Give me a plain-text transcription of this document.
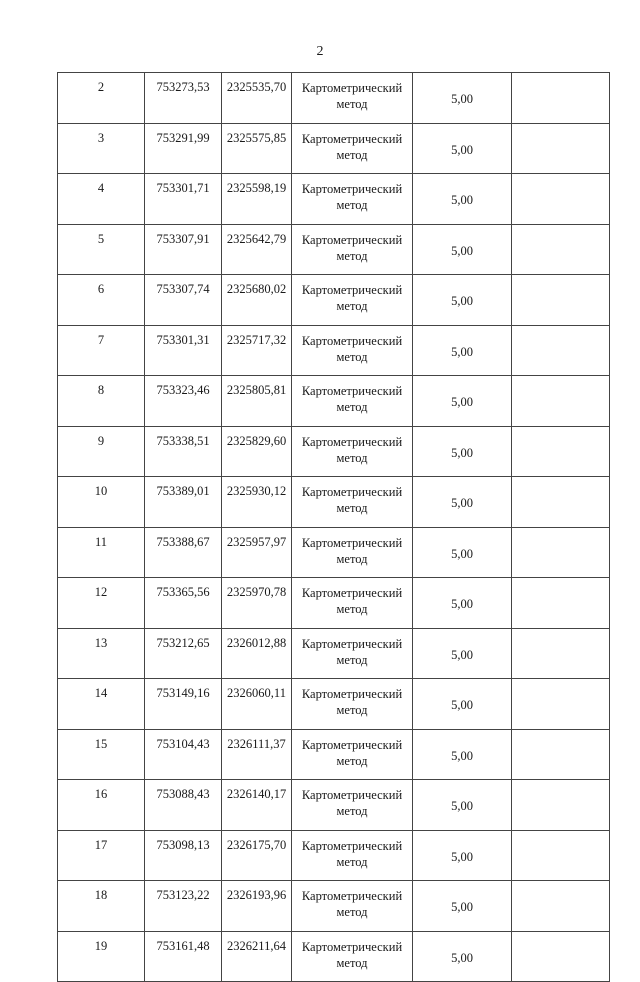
2
2	753273,53	2325535,70	Картометрический
метод	5,00	
3	753291,99	2325575,85	Картометрический
метод	5,00	
4	753301,71	2325598,19	Картометрический
метод	5,00	
5	753307,91	2325642,79	Картометрический
метод	5,00	
6	753307,74	2325680,02	Картометрический
метод	5,00	
7	753301,31	2325717,32	Картометрический
метод	5,00	
8	753323,46	2325805,81	Картометрический
метод	5,00	
9	753338,51	2325829,60	Картометрический
метод	5,00	
10	753389,01	2325930,12	Картометрический
метод	5,00	
11	753388,67	2325957,97	Картометрический
метод	5,00	
12	753365,56	2325970,78	Картометрический
метод	5,00	
13	753212,65	2326012,88	Картометрический
метод	5,00	
14	753149,16	2326060,11	Картометрический
метод	5,00	
15	753104,43	2326111,37	Картометрический
метод	5,00	
16	753088,43	2326140,17	Картометрический
метод	5,00	
17	753098,13	2326175,70	Картометрический
метод	5,00	
18	753123,22	2326193,96	Картометрический
метод	5,00	
19	753161,48	2326211,64	Картометрический
метод	5,00	
